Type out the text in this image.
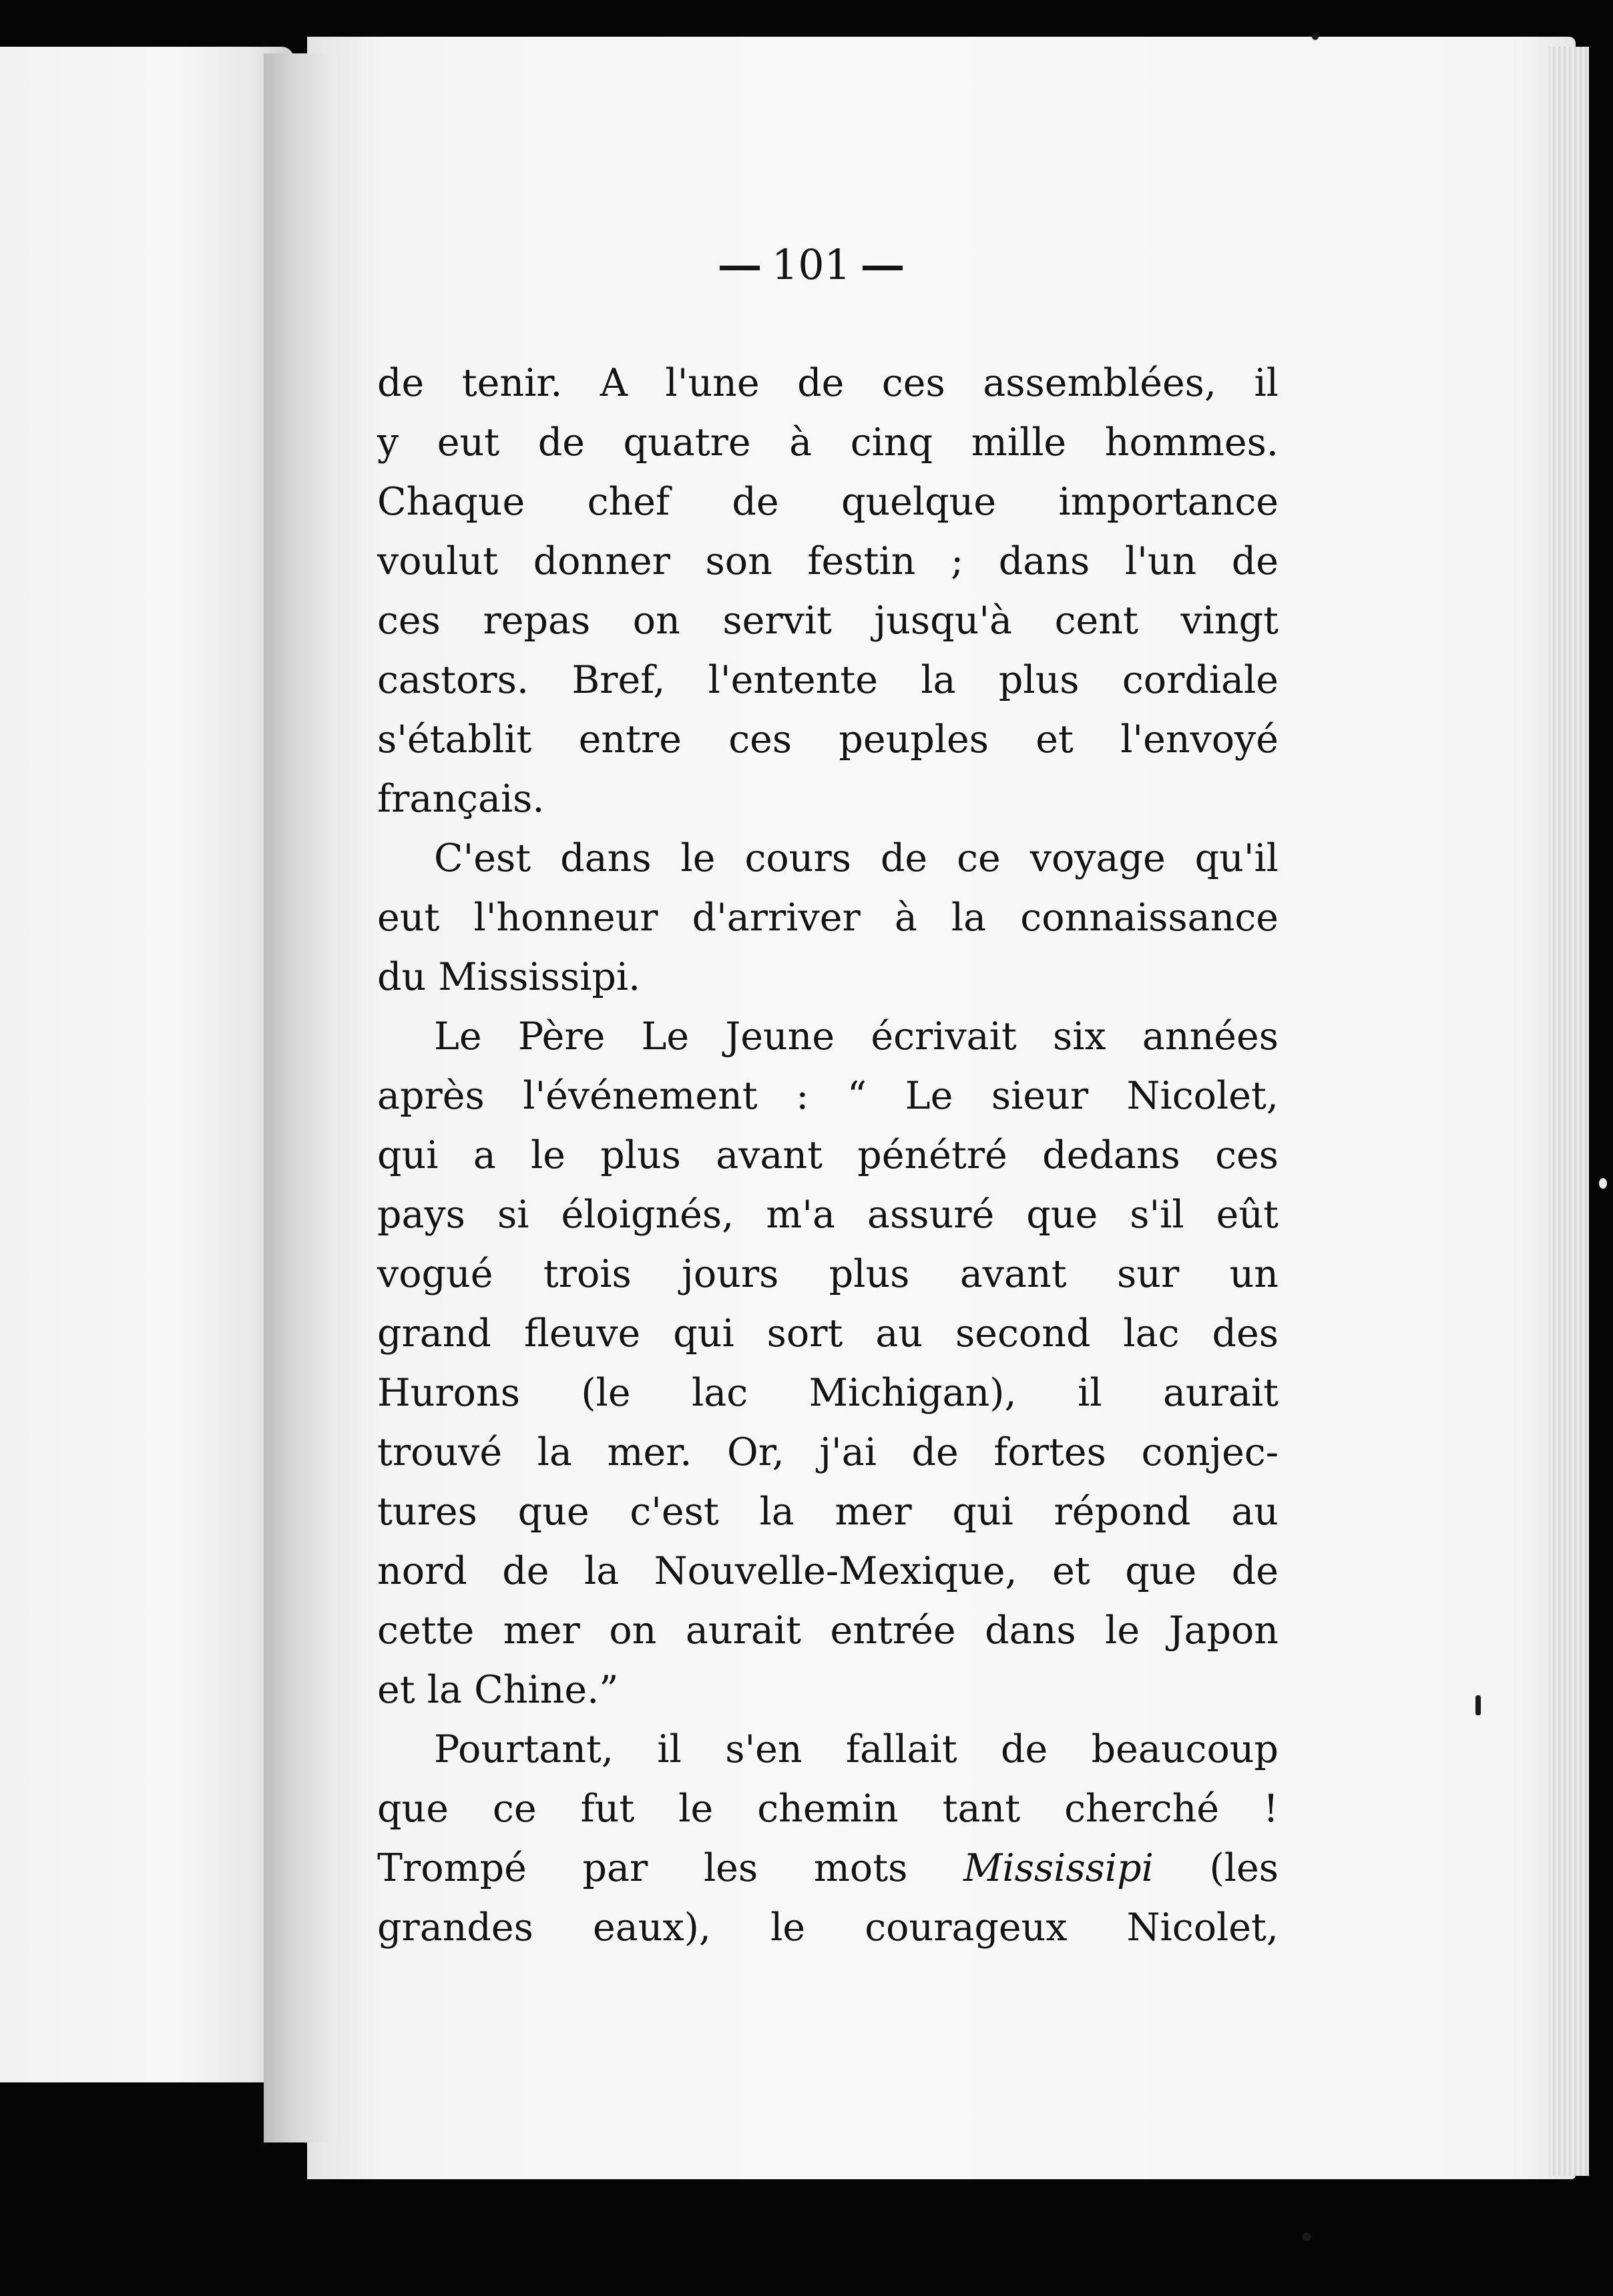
101
de tenir. A l'une de ces assemblées, il
y eut de quatre à cinq mille hommes.
Chaque chef de quelque importance
voulut donner son festin ; dans l'un de
ces repas on servit jusqu'à cent vingt
castors. Bref, l'entente la plus cordiale
s'établit entre ces peuples et l'envoyé
français.
C'est dans le cours de ce voyage qu'il
eut l'honneur d'arriver à la connaissance
du Mississipi.
Le Père Le Jeune écrivait six années
après l'événement : “ Le sieur Nicolet,
qui a le plus avant pénétré dedans ces
pays si éloignés, m'a assuré que s'il eût
vogué trois jours plus avant sur un
grand fleuve qui sort au second lac des
Hurons (le lac Michigan), il aurait
trouvé la mer. Or, j'ai de fortes conjec-
tures que c'est la mer qui répond au
nord de la Nouvelle-Mexique, et que de
cette mer on aurait entrée dans le Japon
et la Chine.”
Pourtant, il s'en fallait de beaucoup
que ce fut le chemin tant cherché !
Trompé par les mots Mississipi (les
grandes eaux), le courageux Nicolet,
